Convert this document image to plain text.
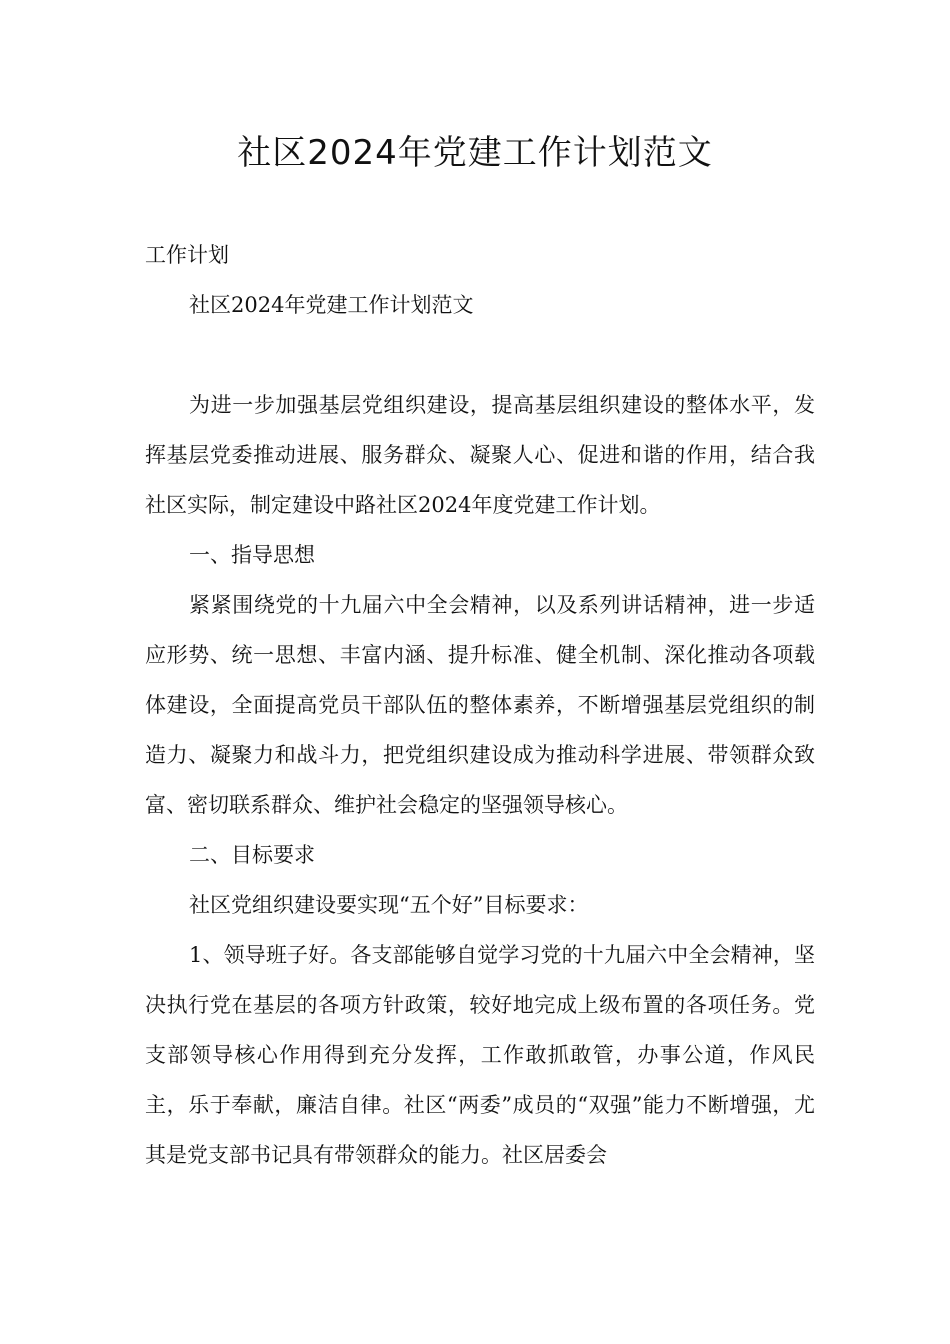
社区2024年党建工作计划范文

工作计划

社区2024年党建工作计划范文

为进一步加强基层党组织建设，提高基层组织建设的整体水平，发挥基层党委推动进展、服务群众、凝聚人心、促进和谐的作用，结合我社区实际，制定建设中路社区2024年度党建工作计划。

一、指导思想

紧紧围绕党的十九届六中全会精神，以及系列讲话精神，进一步适应形势、统一思想、丰富内涵、提升标准、健全机制、深化推动各项载体建设，全面提高党员干部队伍的整体素养，不断增强基层党组织的制造力、凝聚力和战斗力，把党组织建设成为推动科学进展、带领群众致富、密切联系群众、维护社会稳定的坚强领导核心。

二、目标要求

社区党组织建设要实现“五个好”目标要求：

1、领导班子好。各支部能够自觉学习党的十九届六中全会精神，坚决执行党在基层的各项方针政策，较好地完成上级布置的各项任务。党支部领导核心作用得到充分发挥，工作敢抓敢管，办事公道，作风民主，乐于奉献，廉洁自律。社区“两委”成员的“双强”能力不断增强，尤其是党支部书记具有带领群众的能力。社区居委会
